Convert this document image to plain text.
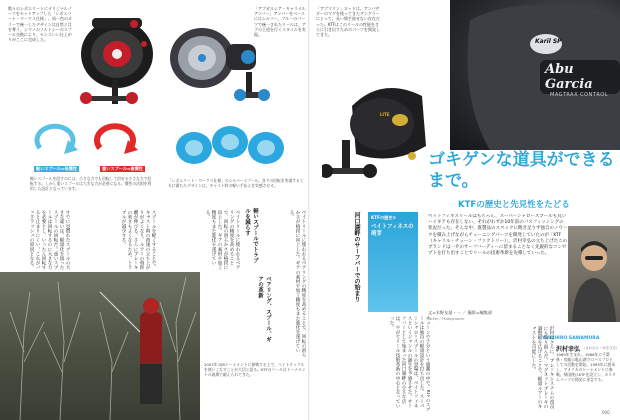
数々のレボエリートにオリジナルパーツをセットアップした「レボエリート・ワークス仕様」。同一色のカラーで統一したデザインは自然と目を奪う。シマノのソルトシーのスプール交換により、センスいい仕上がりがここに完成した。
「アブガルシア・キャラメルアンバー」アンバーをベースにはシルバー、ブルーのパーツで統一されたリールは、アブの王道を行くスタイルを実現。
軽いスプール=低慣性	重いスプール=高慣性
軽いスプールを回すのには、小さな力でも回転して回せる小さな力で回転する。しかし重いスプールは大きな力が必要になる。慣性の法則を利用した設計となっています。
「レボエリート・ワークス仕様」のシルバースプール。各ドの回転を実現する工夫に満ちたデザインは、キャスト時の軽い手応えを実感させる。
すでに見慣れたスプールの大きな違いは、軽量化を図ったスプールの回転だ。重いスプールは回転するのに大きな力を必要とし、いったん回転すると止まりにくい。これがバックラッシュの原因となる。	軽いスプールでトラブルを減らす
スプールを軽くすることで、キャスト時の初速の立ち上がりがよくなり、ルアーの飛距離が伸びる。さらにブレーキの効きもよくなるため、トラブルが減少する。	ベイトリールに使われるベアリングの精度を高めることで、回転の滑らかさが格段に向上した。ギアの素材や加工精度もまた進化を遂げている。
ベアリング、スプール、ギアの革新	ベイトリールに使われるベアリングの精度を高めることで、回転の滑らかさが格段に向上した。ギアの素材や加工精度もまた進化を遂げている。
2007年のJBトーナメントに参戦する上で、ベイトタックルを使いこなすことが大切と語る。KTFのリールはトーナメントの現場で鍛えられてきた。
「アブマリン」ロッドは、アンバサダーのマグを使ってきたアングラーにとって、長い間手放せない存在だった。KTFはこのリールの性能をさらに引き出すためのパーツを開発してきた。
Karil SP
Abu Garcia
MAGTRAX CONTROL
LITE
ゴキゲンな道具ができるまで。
KTFの歴史と先見性をたどる
KTFの歴史①
ベイトフィネスの萌芽
河口湖畔のサーフバーでの始まり	ベイトフィネスリールはもちろん、スーパーシャロースプールも丸いハイギアも存在しない、それがわずか10年前のバスフィッシングの状況だった。そんな中、既製品のスペックに飽き足りず独自のノウハウを積み上げながらチューニングパーツを開発していたのが「KTF（キャリル・チューン・ファクトリー）」。沢村幸弘の立ち上げたこのブランドは一介のサーフバーディーに留まることなく先鋭的なコンセプトを打ち出すことでリールの技術革新を先導していった。
YUKIHIRO SAWAMURA
文=水野友基・一 ／ 撮影=編集部
Writer / Photographer
チューンで十分という風潮の中で、KTFのスプールは独自の軽量設計を打ち出した。スーパーシャロースプールの登場は、ベイトフィネスというジャンルの誕生を予感させた。サーフバーとして始まった河口湖畔の小さな店は、やがてリール技術革新の中心となっていった。
沢村はさらに、ブレーキシステムの改良にも取り組んだ。マグネットブレーキの調整幅を広げることで、軽量ルアーのキャストを可能にした。	沢村幸弘 （さわむら・ゆきひろ）
1969年生まれ。1986年に千葉県・房総の亀山湖でのバスプロとしての活動を開始。1993年に渡米し、アメリカのトーナメントに参戦。帰国後はKTFを設立し、カスタムパーツの開発に専念する。
000
